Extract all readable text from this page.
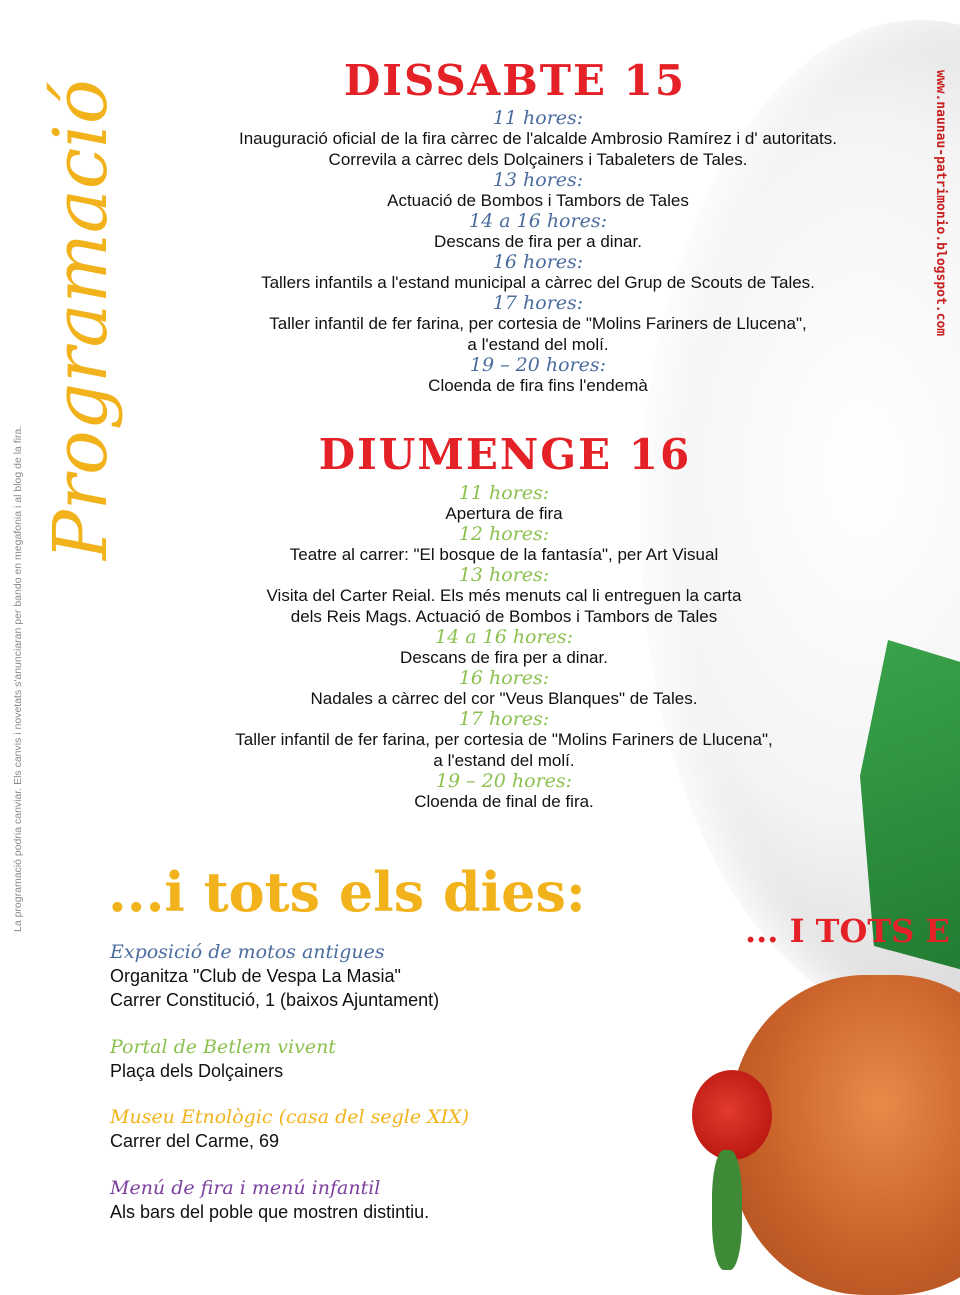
Programació
La programació podria canviar. Els canvis i novetats s'anunciaran per bando en megafonia i al blog de la fira.
www.naunau-patrimonio.blogspot.com
DISSABTE 15
11 hores:
Inauguració oficial de la fira càrrec de l'alcalde Ambrosio Ramírez i d' autoritats.
Correvila a càrrec dels Dolçainers i Tabaleters de Tales.
13 hores:
Actuació de Bombos i Tambors de Tales
14 a 16 hores:
Descans de fira per a dinar.
16 hores:
Tallers infantils a l'estand municipal a càrrec del Grup de Scouts de Tales.
17 hores:
Taller infantil de fer farina, per cortesia de "Molins Fariners de Llucena",
a l'estand del molí.
19 – 20 hores:
Cloenda de fira fins l'endemà
DIUMENGE 16
11 hores:
Apertura de fira
12 hores:
Teatre al carrer: "El bosque de la fantasía", per Art Visual
13 hores:
Visita del Carter Reial. Els més menuts cal li entreguen la carta
dels Reis Mags. Actuació de Bombos i Tambors de Tales
14 a 16 hores:
Descans de fira per a dinar.
16 hores:
Nadales a càrrec del cor "Veus Blanques" de Tales.
17 hores:
Taller infantil de fer farina, per cortesia de "Molins Fariners de Llucena",
a l'estand del molí.
19 – 20 hores:
Cloenda de final de fira.
...i tots els dies:
... I TOTS E
Exposició de motos antigues
Organitza "Club de Vespa La Masia"
Carrer Constitució, 1 (baixos Ajuntament)
Portal de Betlem vivent
Plaça dels Dolçainers
Museu Etnològic (casa del segle XIX)
Carrer del Carme, 69
Menú de fira i menú infantil
Als bars del poble que mostren distintiu.
